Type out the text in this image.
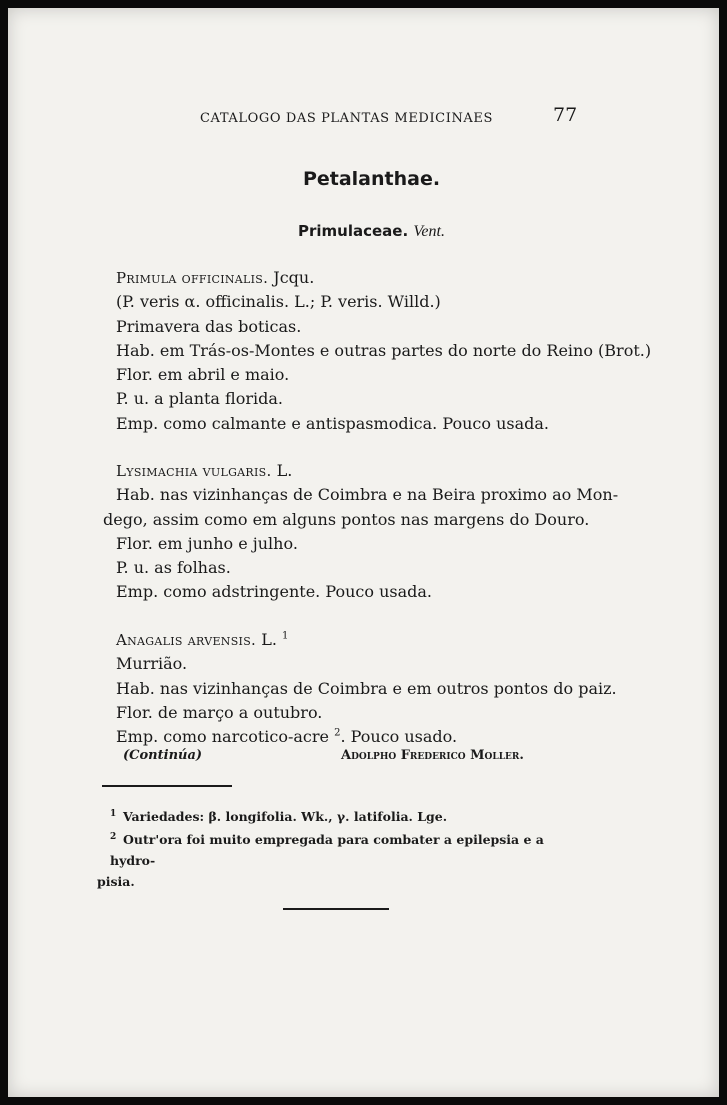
CATALOGO DAS PLANTAS MEDICINAES	77
Petalanthae.
Primulaceae. Vent.

Primula officinalis. Jcqu.

(P. veris α. officinalis. L.; P. veris. Willd.)

Primavera das boticas.

Hab. em Trás-os-Montes e outras partes do norte do Reino (Brot.)

Flor. em abril e maio.

P. u. a planta florida.

Emp. como calmante e antispasmodica. Pouco usada.

Lysimachia vulgaris. L.

Hab. nas vizinhanças de Coimbra e na Beira proximo ao Mon-

dego, assim como em alguns pontos nas margens do Douro.

Flor. em junho e julho.

P. u. as folhas.

Emp. como adstringente. Pouco usada.

Anagalis arvensis. L. $^1$

Murrião.

Hab. nas vizinhanças de Coimbra e em outros pontos do paiz.

Flor. de março a outubro.

Emp. como narcotico-acre $^2$. Pouco usado.

(Continúa)	Adolpho Frederico Moller.

1 Variedades: β. longifolia. Wk., γ. latifolia. Lge.

2 Outr'ora foi muito empregada para combater a epilepsia e a hydro-

pisia.
